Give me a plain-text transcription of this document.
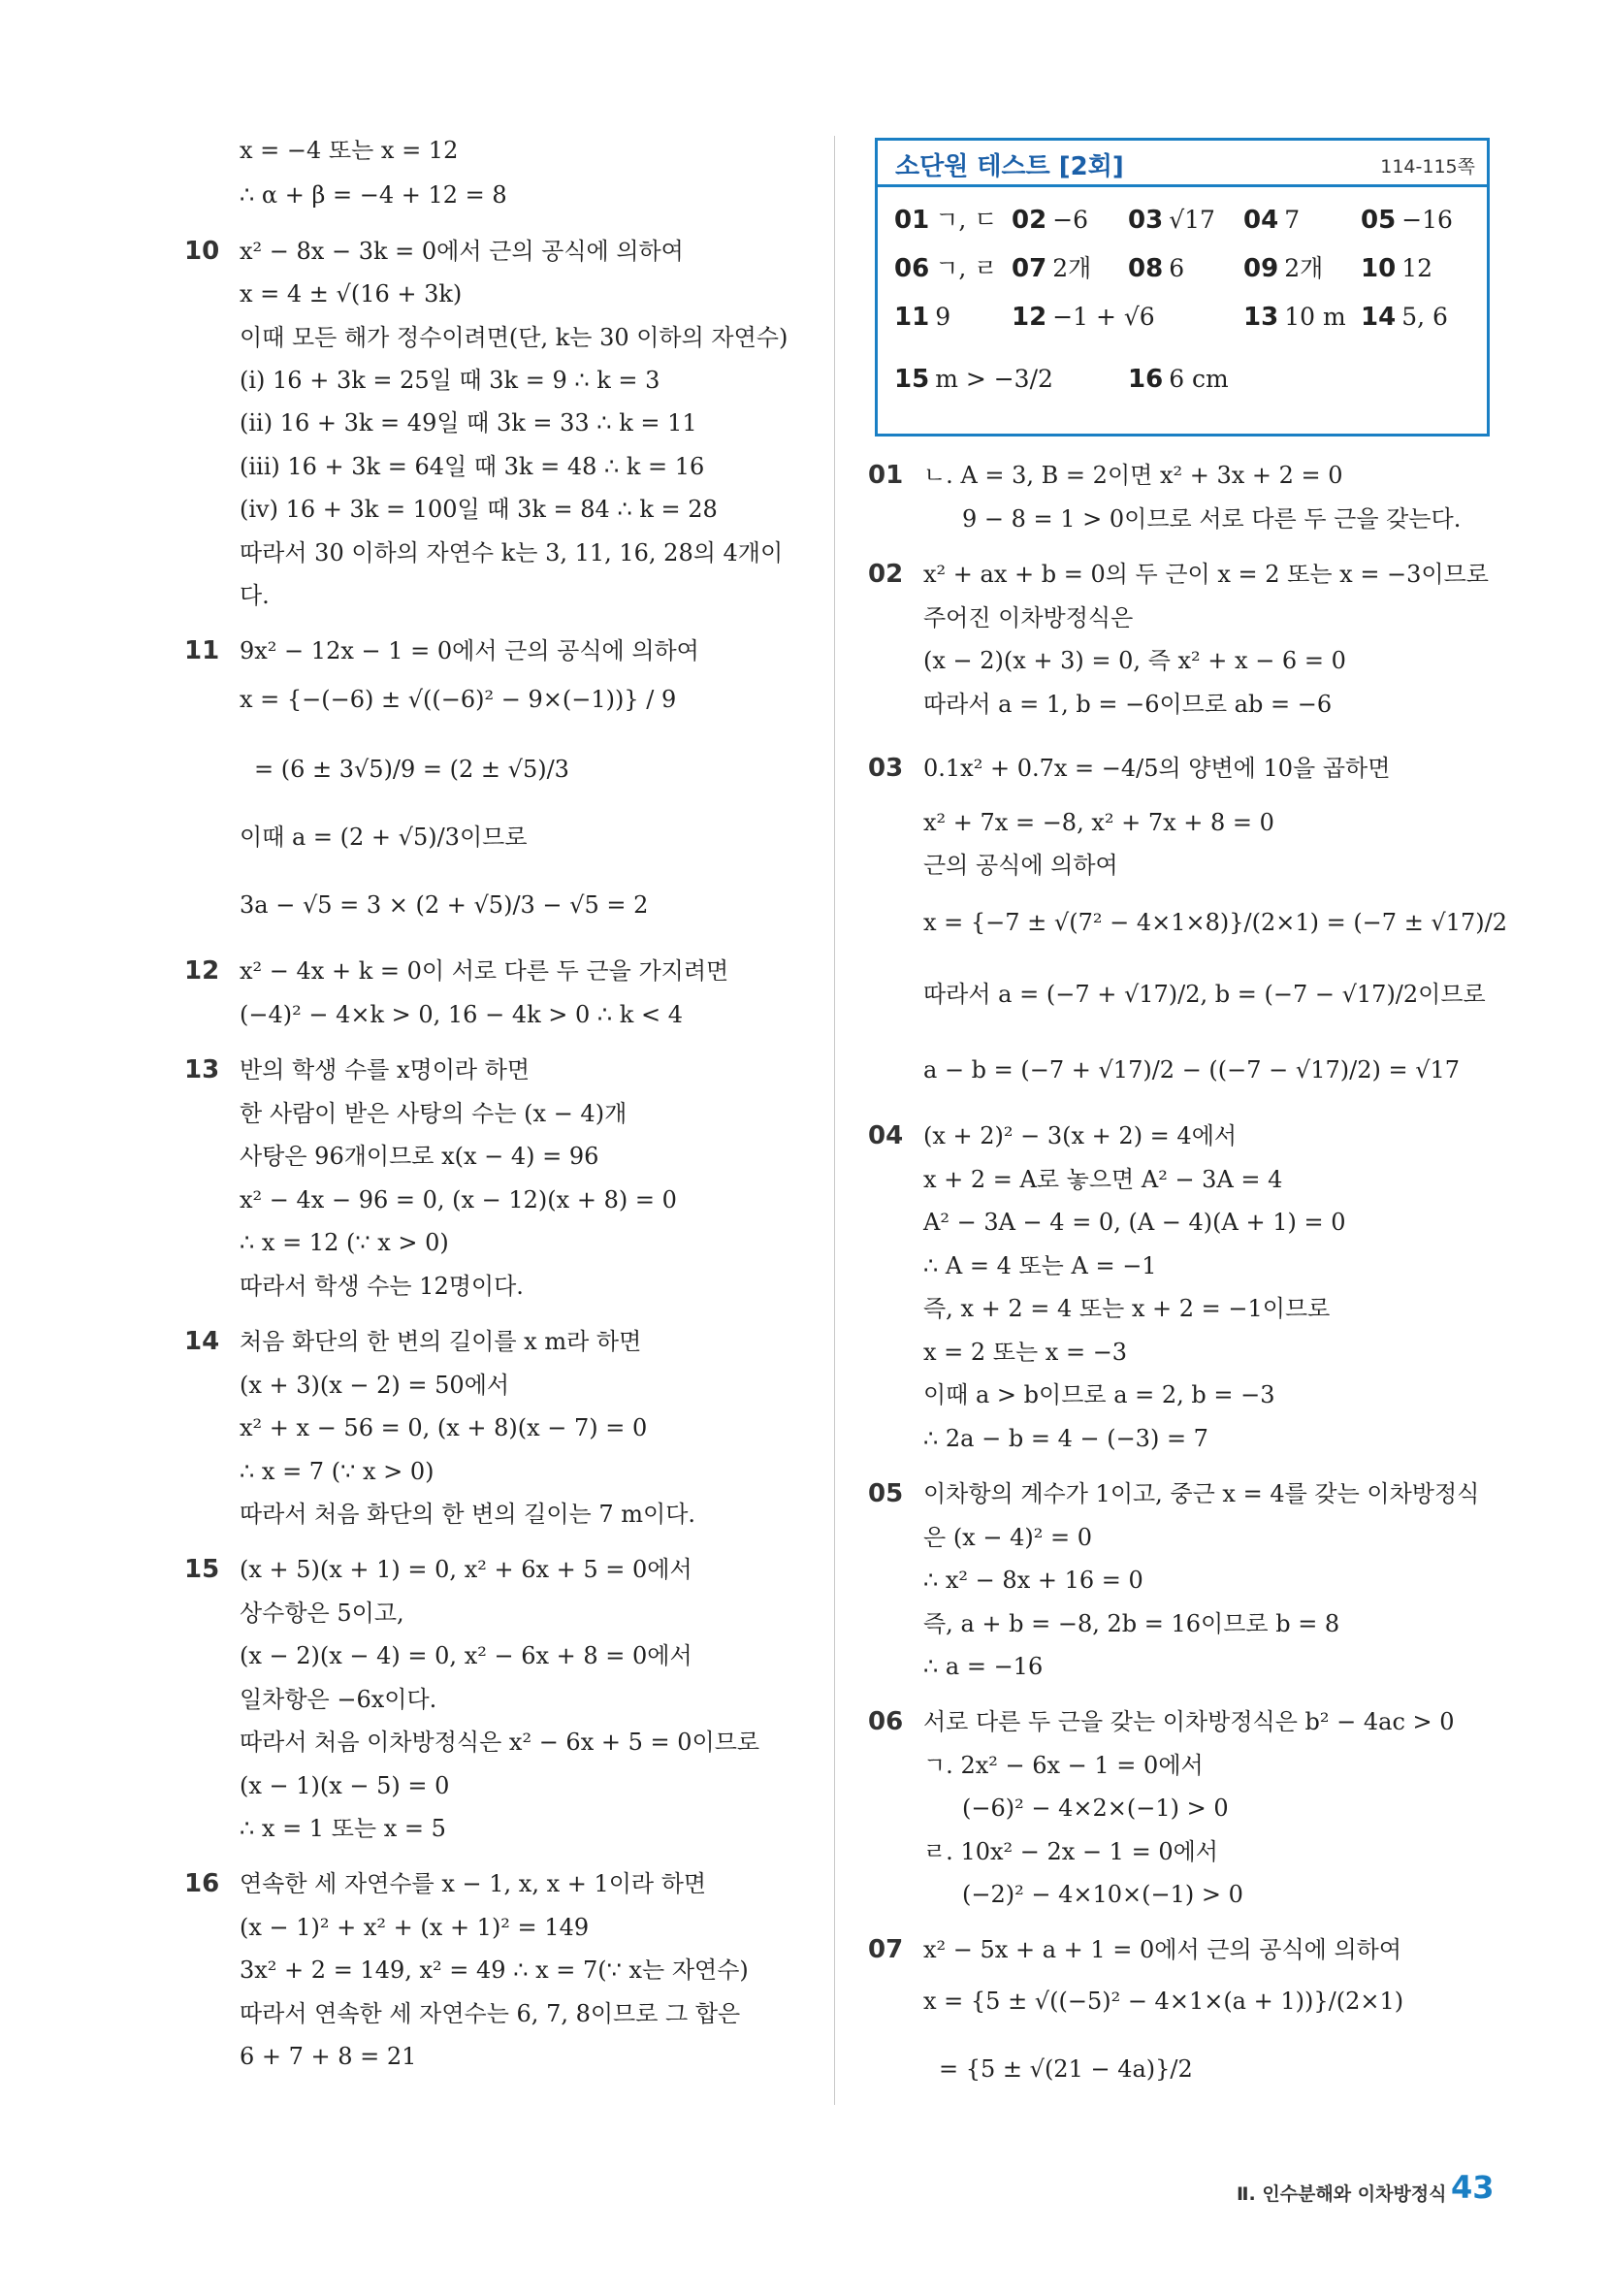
x = −4 또는 x = 12
∴ α + β = −4 + 12 = 8
x² − 8x − 3k = 0에서 근의 공식에 의하여
x = 4 ± √(16 + 3k)
이때 모든 해가 정수이려면(단, k는 30 이하의 자연수)
(i) 16 + 3k = 25일 때 3k = 9 ∴ k = 3
(ii) 16 + 3k = 49일 때 3k = 33 ∴ k = 11
(iii) 16 + 3k = 64일 때 3k = 48 ∴ k = 16
(iv) 16 + 3k = 100일 때 3k = 84 ∴ k = 28
따라서 30 이하의 자연수 k는 3, 11, 16, 28의 4개이
다.
9x² − 12x − 1 = 0에서 근의 공식에 의하여
x = {−(−6) ± √((−6)² − 9×(−1))} / 9
= (6 ± 3√5)/9 = (2 ± √5)/3
이때 a = (2 + √5)/3이므로
3a − √5 = 3 × (2 + √5)/3 − √5 = 2
x² − 4x + k = 0이 서로 다른 두 근을 가지려면
(−4)² − 4×k > 0, 16 − 4k > 0 ∴ k < 4
반의 학생 수를 x명이라 하면
한 사람이 받은 사탕의 수는 (x − 4)개
사탕은 96개이므로 x(x − 4) = 96
x² − 4x − 96 = 0, (x − 12)(x + 8) = 0
∴ x = 12 (∵ x > 0)
따라서 학생 수는 12명이다.
처음 화단의 한 변의 길이를 x m라 하면
(x + 3)(x − 2) = 50에서
x² + x − 56 = 0, (x + 8)(x − 7) = 0
∴ x = 7 (∵ x > 0)
따라서 처음 화단의 한 변의 길이는 7 m이다.
(x + 5)(x + 1) = 0, x² + 6x + 5 = 0에서
상수항은 5이고,
(x − 2)(x − 4) = 0, x² − 6x + 8 = 0에서
일차항은 −6x이다.
따라서 처음 이차방정식은 x² − 6x + 5 = 0이므로
(x − 1)(x − 5) = 0
∴ x = 1 또는 x = 5
연속한 세 자연수를 x − 1, x, x + 1이라 하면
(x − 1)² + x² + (x + 1)² = 149
3x² + 2 = 149, x² = 49 ∴ x = 7(∵ x는 자연수)
따라서 연속한 세 자연수는 6, 7, 8이므로 그 합은
6 + 7 + 8 = 21
10
11
12
13
14
15
16
ㄴ. A = 3, B = 2이면 x² + 3x + 2 = 0
9 − 8 = 1 > 0이므로 서로 다른 두 근을 갖는다.
x² + ax + b = 0의 두 근이 x = 2 또는 x = −3이므로
주어진 이차방정식은
(x − 2)(x + 3) = 0, 즉 x² + x − 6 = 0
따라서 a = 1, b = −6이므로 ab = −6
0.1x² + 0.7x = −4/5의 양변에 10을 곱하면
x² + 7x = −8, x² + 7x + 8 = 0
근의 공식에 의하여
x = {−7 ± √(7² − 4×1×8)}/(2×1) = (−7 ± √17)/2
따라서 a = (−7 + √17)/2, b = (−7 − √17)/2이므로
a − b = (−7 + √17)/2 − ((−7 − √17)/2) = √17
(x + 2)² − 3(x + 2) = 4에서
x + 2 = A로 놓으면 A² − 3A = 4
A² − 3A − 4 = 0, (A − 4)(A + 1) = 0
∴ A = 4 또는 A = −1
즉, x + 2 = 4 또는 x + 2 = −1이므로
x = 2 또는 x = −3
이때 a > b이므로 a = 2, b = −3
∴ 2a − b = 4 − (−3) = 7
이차항의 계수가 1이고, 중근 x = 4를 갖는 이차방정식
은 (x − 4)² = 0
∴ x² − 8x + 16 = 0
즉, a + b = −8, 2b = 16이므로 b = 8
∴ a = −16
서로 다른 두 근을 갖는 이차방정식은 b² − 4ac > 0
ㄱ. 2x² − 6x − 1 = 0에서
(−6)² − 4×2×(−1) > 0
ㄹ. 10x² − 2x − 1 = 0에서
(−2)² − 4×10×(−1) > 0
x² − 5x + a + 1 = 0에서 근의 공식에 의하여
x = {5 ± √((−5)² − 4×1×(a + 1))}/(2×1)
= {5 ± √(21 − 4a)}/2
01
02
03
04
05
06
07
소단원 테스트 [2회]	114-115쪽
01 ㄱ, ㄷ 02 −6 03 √17 04 7 05 −16
06 ㄱ, ㄹ 07 2개 08 6 09 2개 10 12
11 9 12 −1 + √6	13 10 m 14 5, 6
15 m > −3/2	16 6 cm
Ⅱ. 인수분해와 이차방정식 43
